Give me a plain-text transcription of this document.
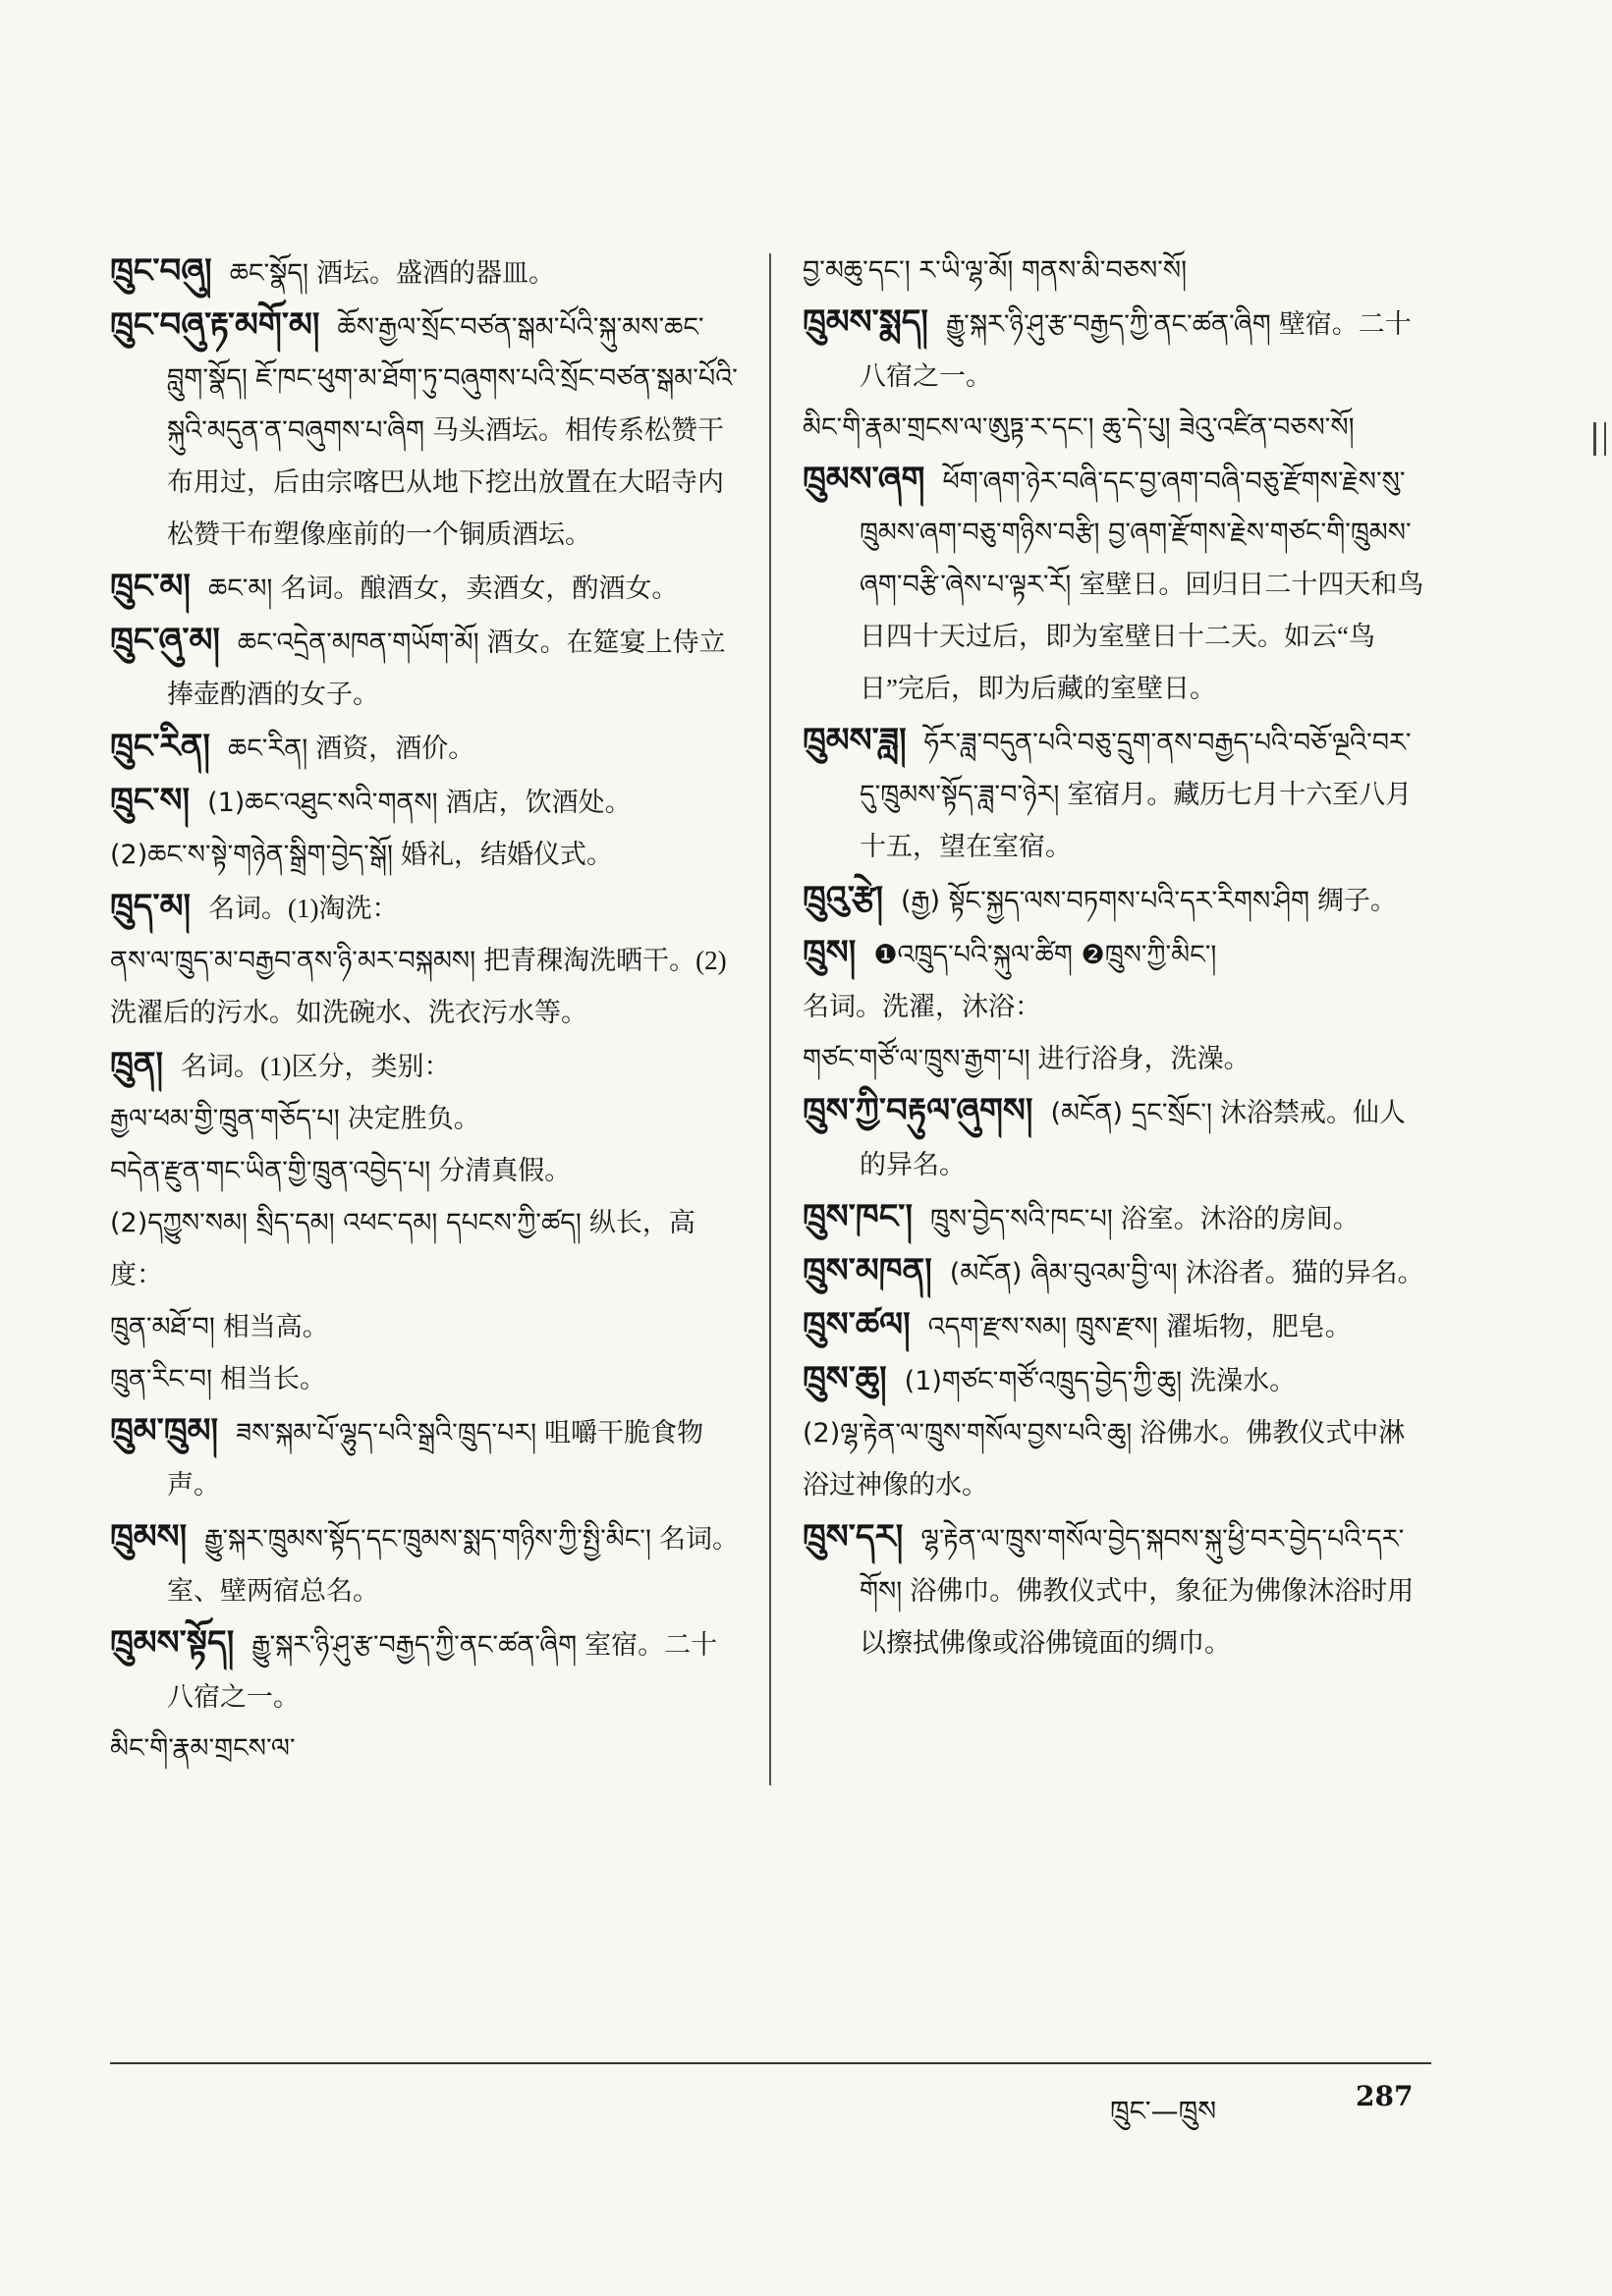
ཁྲུང་བཞུ། ཆང་སྣོད། 酒坛。盛酒的器皿。

ཁྲུང་བཞུ་རྟ་མགོ་མ། ཆོས་རྒྱལ་སྲོང་བཙན་སྒམ་པོའི་སྐུ་མས་ཆང་བླུག་སྣོད། ཇོ་ཁང་ཕུག་མ་ཐོག་ཏུ་བཞུགས་པའི་སྲོང་བཙན་སྒམ་པོའི་སྐུའི་མདུན་ན་བཞུགས་པ་ཞིག 马头酒坛。相传系松赞干布用过，后由宗喀巴从地下挖出放置在大昭寺内松赞干布塑像座前的一个铜质酒坛。

ཁྲུང་མ། ཆང་མ། 名词。酿酒女，卖酒女，酌酒女。

ཁྲུང་ཞུ་མ། ཆང་འདྲེན་མཁན་གཡོག་མོ། 酒女。在筵宴上侍立捧壶酌酒的女子。

ཁྲུང་རིན། ཆང་རིན། 酒资，酒价。

ཁྲུང་ས། (1)ཆང་འཐུང་སའི་གནས། 酒店，饮酒处。

(2)ཆང་ས་སྟེ་གཉེན་སྒྲིག་བྱེད་སྒོ། 婚礼，结婚仪式。

ཁྲུད་མ། 名词。(1)淘洗：

ནས་ལ་ཁྲུད་མ་བརྒྱབ་ནས་ཉི་མར་བསྐམས། 把青稞淘洗晒干。(2)洗濯后的污水。如洗碗水、洗衣污水等。

ཁྲུན། 名词。(1)区分，类别：

རྒྱལ་ཕམ་གྱི་ཁྲུན་གཅོད་པ། 决定胜负。

བདེན་རྫུན་གང་ཡིན་གྱི་ཁྲུན་འབྱེད་པ། 分清真假。

(2)དཀྱུས་སམ། སྲིད་དམ། འཕང་དམ། དཔངས་ཀྱི་ཚད། 纵长，高度：

ཁྲུན་མཐོ་བ། 相当高。

ཁྲུན་རིང་བ། 相当长。

ཁྲུམ་ཁྲུམ། ཟས་སྐམ་པོ་ལྷུད་པའི་སྒྲའི་ཁྲུད་པར། 咀嚼干脆食物声。

ཁྲུམས། རྒྱུ་སྐར་ཁྲུམས་སྟོད་དང་ཁྲུམས་སྨད་གཉིས་ཀྱི་སྤྱི་མིང་། 名词。室、壁两宿总名。

ཁྲུམས་སྟོད། རྒྱུ་སྐར་ཉི་ཤུ་རྩ་བརྒྱད་ཀྱི་ནང་ཚན་ཞིག 室宿。二十八宿之一。

མིང་གི་རྣམ་གྲངས་ལ་

བྱ་མཆུ་དང་། ར་ཡི་ལྷ་མོ། གནས་མི་བཅས་སོ།

ཁྲུམས་སྨད། རྒྱུ་སྐར་ཉི་ཤུ་རྩ་བརྒྱད་ཀྱི་ནང་ཚན་ཞིག 壁宿。二十八宿之一。

མིང་གི་རྣམ་གྲངས་ལ་ཨུཏྟ་ར་དང་། ཆུ་དེ་པུ། ཟེའུ་འཛིན་བཅས་སོ།

ཁྲུམས་ཞག ཕོག་ཞག་ཉེར་བཞི་དང་བྱ་ཞག་བཞི་བཅུ་རྫོགས་རྗེས་སུ་ཁྲུམས་ཞག་བཅུ་གཉིས་བརྩི། བྱ་ཞག་རྫོགས་རྗེས་གཙང་གི་ཁྲུམས་ཞག་བརྩི་ཞེས་པ་ལྟར་རོ། 室壁日。回归日二十四天和鸟日四十天过后，即为室壁日十二天。如云“鸟日”完后，即为后藏的室壁日。

ཁྲུམས་ཟླ། ཧོར་ཟླ་བདུན་པའི་བཅུ་དྲུག་ནས་བརྒྱད་པའི་བཅོ་ལྔའི་བར་དུ་ཁྲུམས་སྟོད་ཟླ་བ་ཉེར། 室宿月。藏历七月十六至八月十五，望在室宿。

ཁྲུའུ་རྩེ། (རྒྱ) སྟོང་སྐྱད་ལས་བཏགས་པའི་དར་རིགས་ཤིག 绸子。

ཁྲུས། ❶འཁྲུད་པའི་སྐུལ་ཚིག ❷ཁྲུས་ཀྱི་མིང་།

名词。洗濯，沐浴：

གཙང་གཙོ་ལ་ཁྲུས་རྒྱག་པ། 进行浴身，洗澡。

ཁྲུས་ཀྱི་བརྟུལ་ཞུགས། (མངོན) དྲང་སྲོང་། 沐浴禁戒。仙人的异名。

ཁྲུས་ཁང་། ཁྲུས་བྱེད་སའི་ཁང་པ། 浴室。沐浴的房间。

ཁྲུས་མཁན། (མངོན) ཞིམ་བུའམ་བྱི་ལ། 沐浴者。猫的异名。

ཁྲུས་ཚལ། འདག་རྫས་སམ། ཁྲུས་རྫས། 濯垢物，肥皂。

ཁྲུས་ཆུ། (1)གཙང་གཙོ་འཁྲུད་བྱེད་ཀྱི་ཆུ། 洗澡水。

(2)ལྷ་རྟེན་ལ་ཁྲུས་གསོལ་བྱས་པའི་ཆུ། 浴佛水。佛教仪式中淋浴过神像的水。

ཁྲུས་དར། ལྷ་རྟེན་ལ་ཁྲུས་གསོལ་བྱེད་སྐབས་སྐུ་ཕྱི་བར་བྱེད་པའི་དར་གོས། 浴佛巾。佛教仪式中，象征为佛像沐浴时用以擦拭佛像或浴佛镜面的绸巾。

ཁྲུང་—ཁྲུས	287
